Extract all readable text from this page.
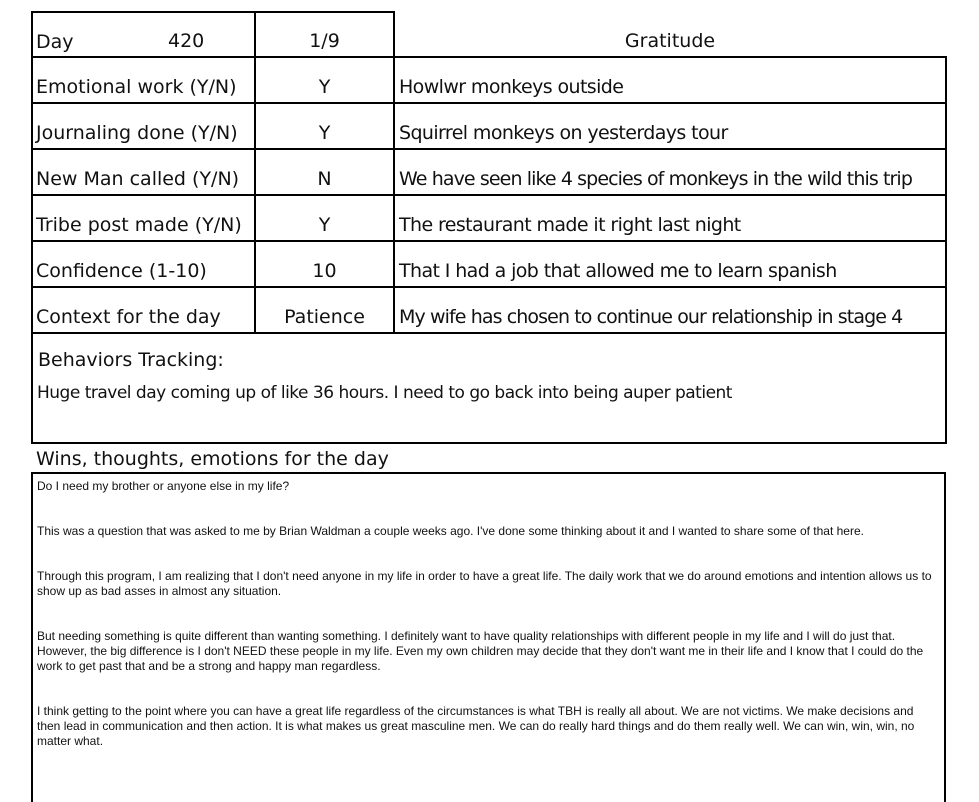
Day	420	1/9	Gratitude
Emotional work (Y/N)	Y	Howlwr monkeys outside
Journaling done (Y/N)	Y	Squirrel monkeys on yesterdays tour
New Man called (Y/N)	N	We have seen like 4 species of monkeys in the wild this trip
Tribe post made (Y/N)	Y	The restaurant made it right last night
Confidence (1-10)	10	That I had a job that allowed me to learn spanish
Context for the day	Patience	My wife has chosen to continue our relationship in stage 4
Behaviors Tracking:
Huge travel day coming up of like 36 hours. I need to go back into being auper patient
Wins, thoughts, emotions for the day

Do I need my brother or anyone else in my life?

This was a question that was asked to me by Brian Waldman a couple weeks ago. I've done some thinking about it and I wanted to share some of that here.

Through this program, I am realizing that I don't need anyone in my life in order to have a great life. The daily work that we do around emotions and intention allows us to show up as bad asses in almost any situation.

But needing something is quite different than wanting something. I definitely want to have quality relationships with different people in my life and I will do just that. However, the big difference is I don't NEED these people in my life. Even my own children may decide that they don't want me in their life and I know that I could do the work to get past that and be a strong and happy man regardless.

I think getting to the point where you can have a great life regardless of the circumstances is what TBH is really all about. We are not victims. We make decisions and then lead in communication and then action. It is what makes us great masculine men. We can do really hard things and do them really well. We can win, win, win, no matter what.
